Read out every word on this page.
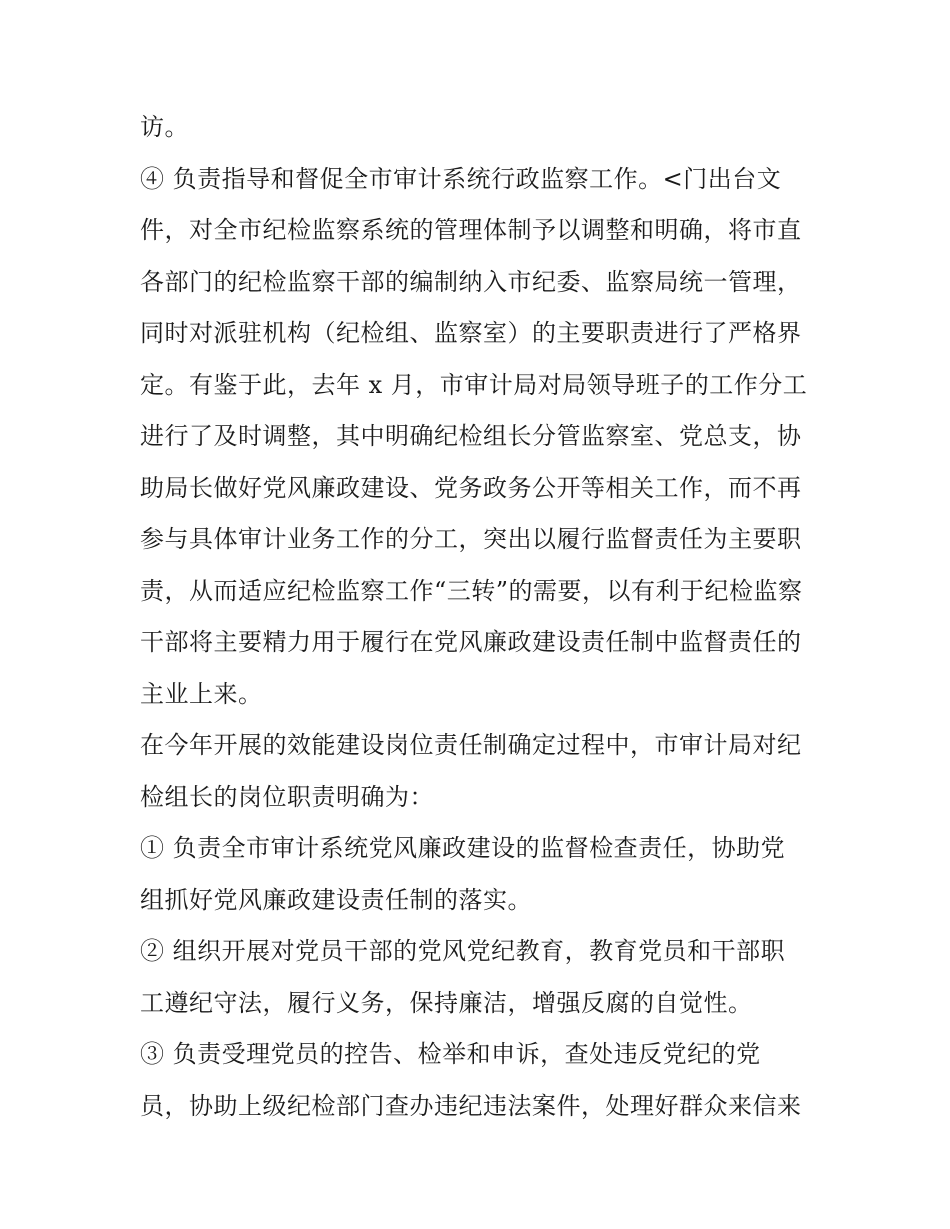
访。

④ 负责指导和督促全市审计系统行政监察工作。<门出台文

件，对全市纪检监察系统的管理体制予以调整和明确，将市直

各部门的纪检监察干部的编制纳入市纪委、监察局统一管理，

同时对派驻机构（纪检组、监察室）的主要职责进行了严格界

定。有鉴于此，去年 x 月，市审计局对局领导班子的工作分工

进行了及时调整，其中明确纪检组长分管监察室、党总支，协

助局长做好党风廉政建设、党务政务公开等相关工作，而不再

参与具体审计业务工作的分工，突出以履行监督责任为主要职

责，从而适应纪检监察工作“三转”的需要，以有利于纪检监察

干部将主要精力用于履行在党风廉政建设责任制中监督责任的

主业上来。

在今年开展的效能建设岗位责任制确定过程中，市审计局对纪

检组长的岗位职责明确为：

① 负责全市审计系统党风廉政建设的监督检查责任，协助党

组抓好党风廉政建设责任制的落实。

② 组织开展对党员干部的党风党纪教育，教育党员和干部职

工遵纪守法，履行义务，保持廉洁，增强反腐的自觉性。

③ 负责受理党员的控告、检举和申诉，查处违反党纪的党

员，协助上级纪检部门查办违纪违法案件，处理好群众来信来
